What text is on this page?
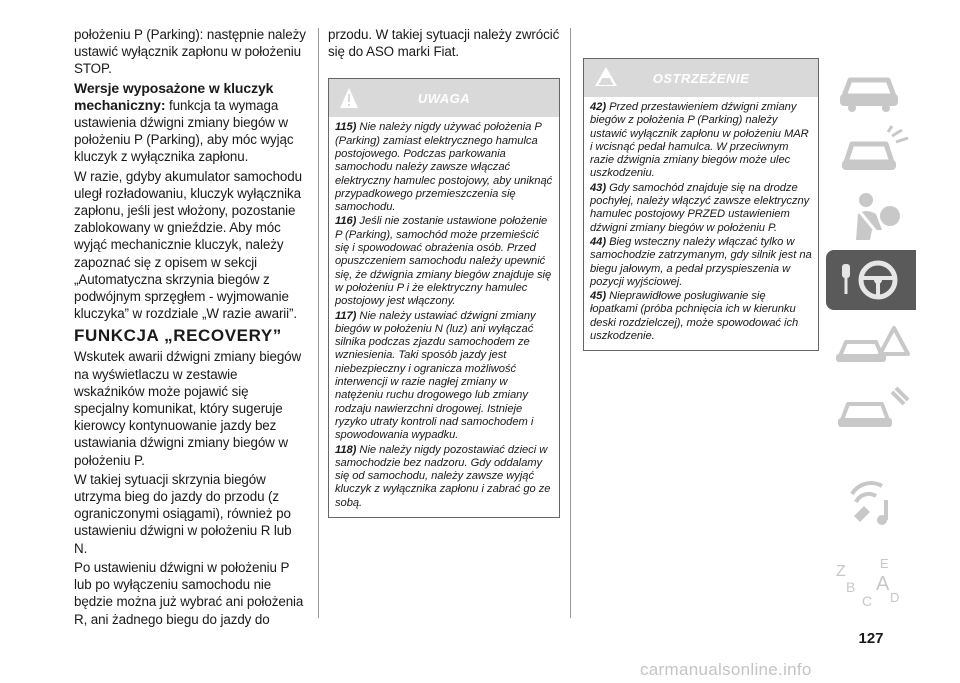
położeniu P (Parking): następnie należy ustawić wyłącznik zapłonu w położeniu STOP.

Wersje wyposażone w kluczyk mechaniczny: funkcja ta wymaga ustawienia dźwigni zmiany biegów w położeniu P (Parking), aby móc wyjąc kluczyk z wyłącznika zapłonu.

W razie, gdyby akumulator samochodu uległ rozładowaniu, kluczyk wyłącznika zapłonu, jeśli jest włożony, pozostanie zablokowany w gnieździe. Aby móc wyjąć mechanicznie kluczyk, należy zapoznać się z opisem w sekcji „Automatyczna skrzynia biegów z podwójnym sprzęgłem - wyjmowanie kluczyka” w rozdziale „W razie awarii”.

FUNKCJA „RECOVERY”

Wskutek awarii dźwigni zmiany biegów na wyświetlaczu w zestawie wskaźników może pojawić się specjalny komunikat, który sugeruje kierowcy kontynuowanie jazdy bez ustawiania dźwigni zmiany biegów w położeniu P.

W takiej sytuacji skrzynia biegów utrzyma bieg do jazdy do przodu (z ograniczonymi osiągami), również po ustawieniu dźwigni w położeniu R lub N.

Po ustawieniu dźwigni w położeniu P lub po wyłączeniu samochodu nie będzie można już wybrać ani położenia R, ani żadnego biegu do jazdy do

przodu. W takiej sytuacji należy zwrócić się do ASO marki Fiat.

UWAGA
115) Nie należy nigdy używać położenia P (Parking) zamiast elektrycznego hamulca postojowego. Podczas parkowania samochodu należy zawsze włączać elektryczny hamulec postojowy, aby uniknąć przypadkowego przemieszczenia się samochodu.
116) Jeśli nie zostanie ustawione położenie P (Parking), samochód może przemieścić się i spowodować obrażenia osób. Przed opuszczeniem samochodu należy upewnić się, że dźwignia zmiany biegów znajduje się w położeniu P i że elektryczny hamulec postojowy jest włączony.
117) Nie należy ustawiać dźwigni zmiany biegów w położeniu N (luz) ani wyłączać silnika podczas zjazdu samochodem ze wzniesienia. Taki sposób jazdy jest niebezpieczny i ogranicza możliwość interwencji w razie nagłej zmiany w natężeniu ruchu drogowego lub zmiany rodzaju nawierzchni drogowej. Istnieje ryzyko utraty kontroli nad samochodem i spowodowania wypadku.
118) Nie należy nigdy pozostawiać dzieci w samochodzie bez nadzoru. Gdy oddalamy się od samochodu, należy zawsze wyjąć kluczyk z wyłącznika zapłonu i zabrać go ze sobą.
OSTRZEŻENIE
42) Przed przestawieniem dźwigni zmiany biegów z położenia P (Parking) należy ustawić wyłącznik zapłonu w położeniu MAR i wcisnąć pedał hamulca. W przeciwnym razie dźwignia zmiany biegów może ulec uszkodzeniu.
43) Gdy samochód znajduje się na drodze pochyłej, należy włączyć zawsze elektryczny hamulec postojowy PRZED ustawieniem dźwigni zmiany biegów w położeniu P.
44) Bieg wsteczny należy włączać tylko w samochodzie zatrzymanym, gdy silnik jest na biegu jałowym, a pedał przyspieszenia w pozycji wyjściowej.
45) Nieprawidłowe posługiwanie się łopatkami (próba pchnięcia ich w kierunku deski rozdzielczej), może spowodować ich uszkodzenie.
Z	E
B A
C D
127
carmanualsonline.info
